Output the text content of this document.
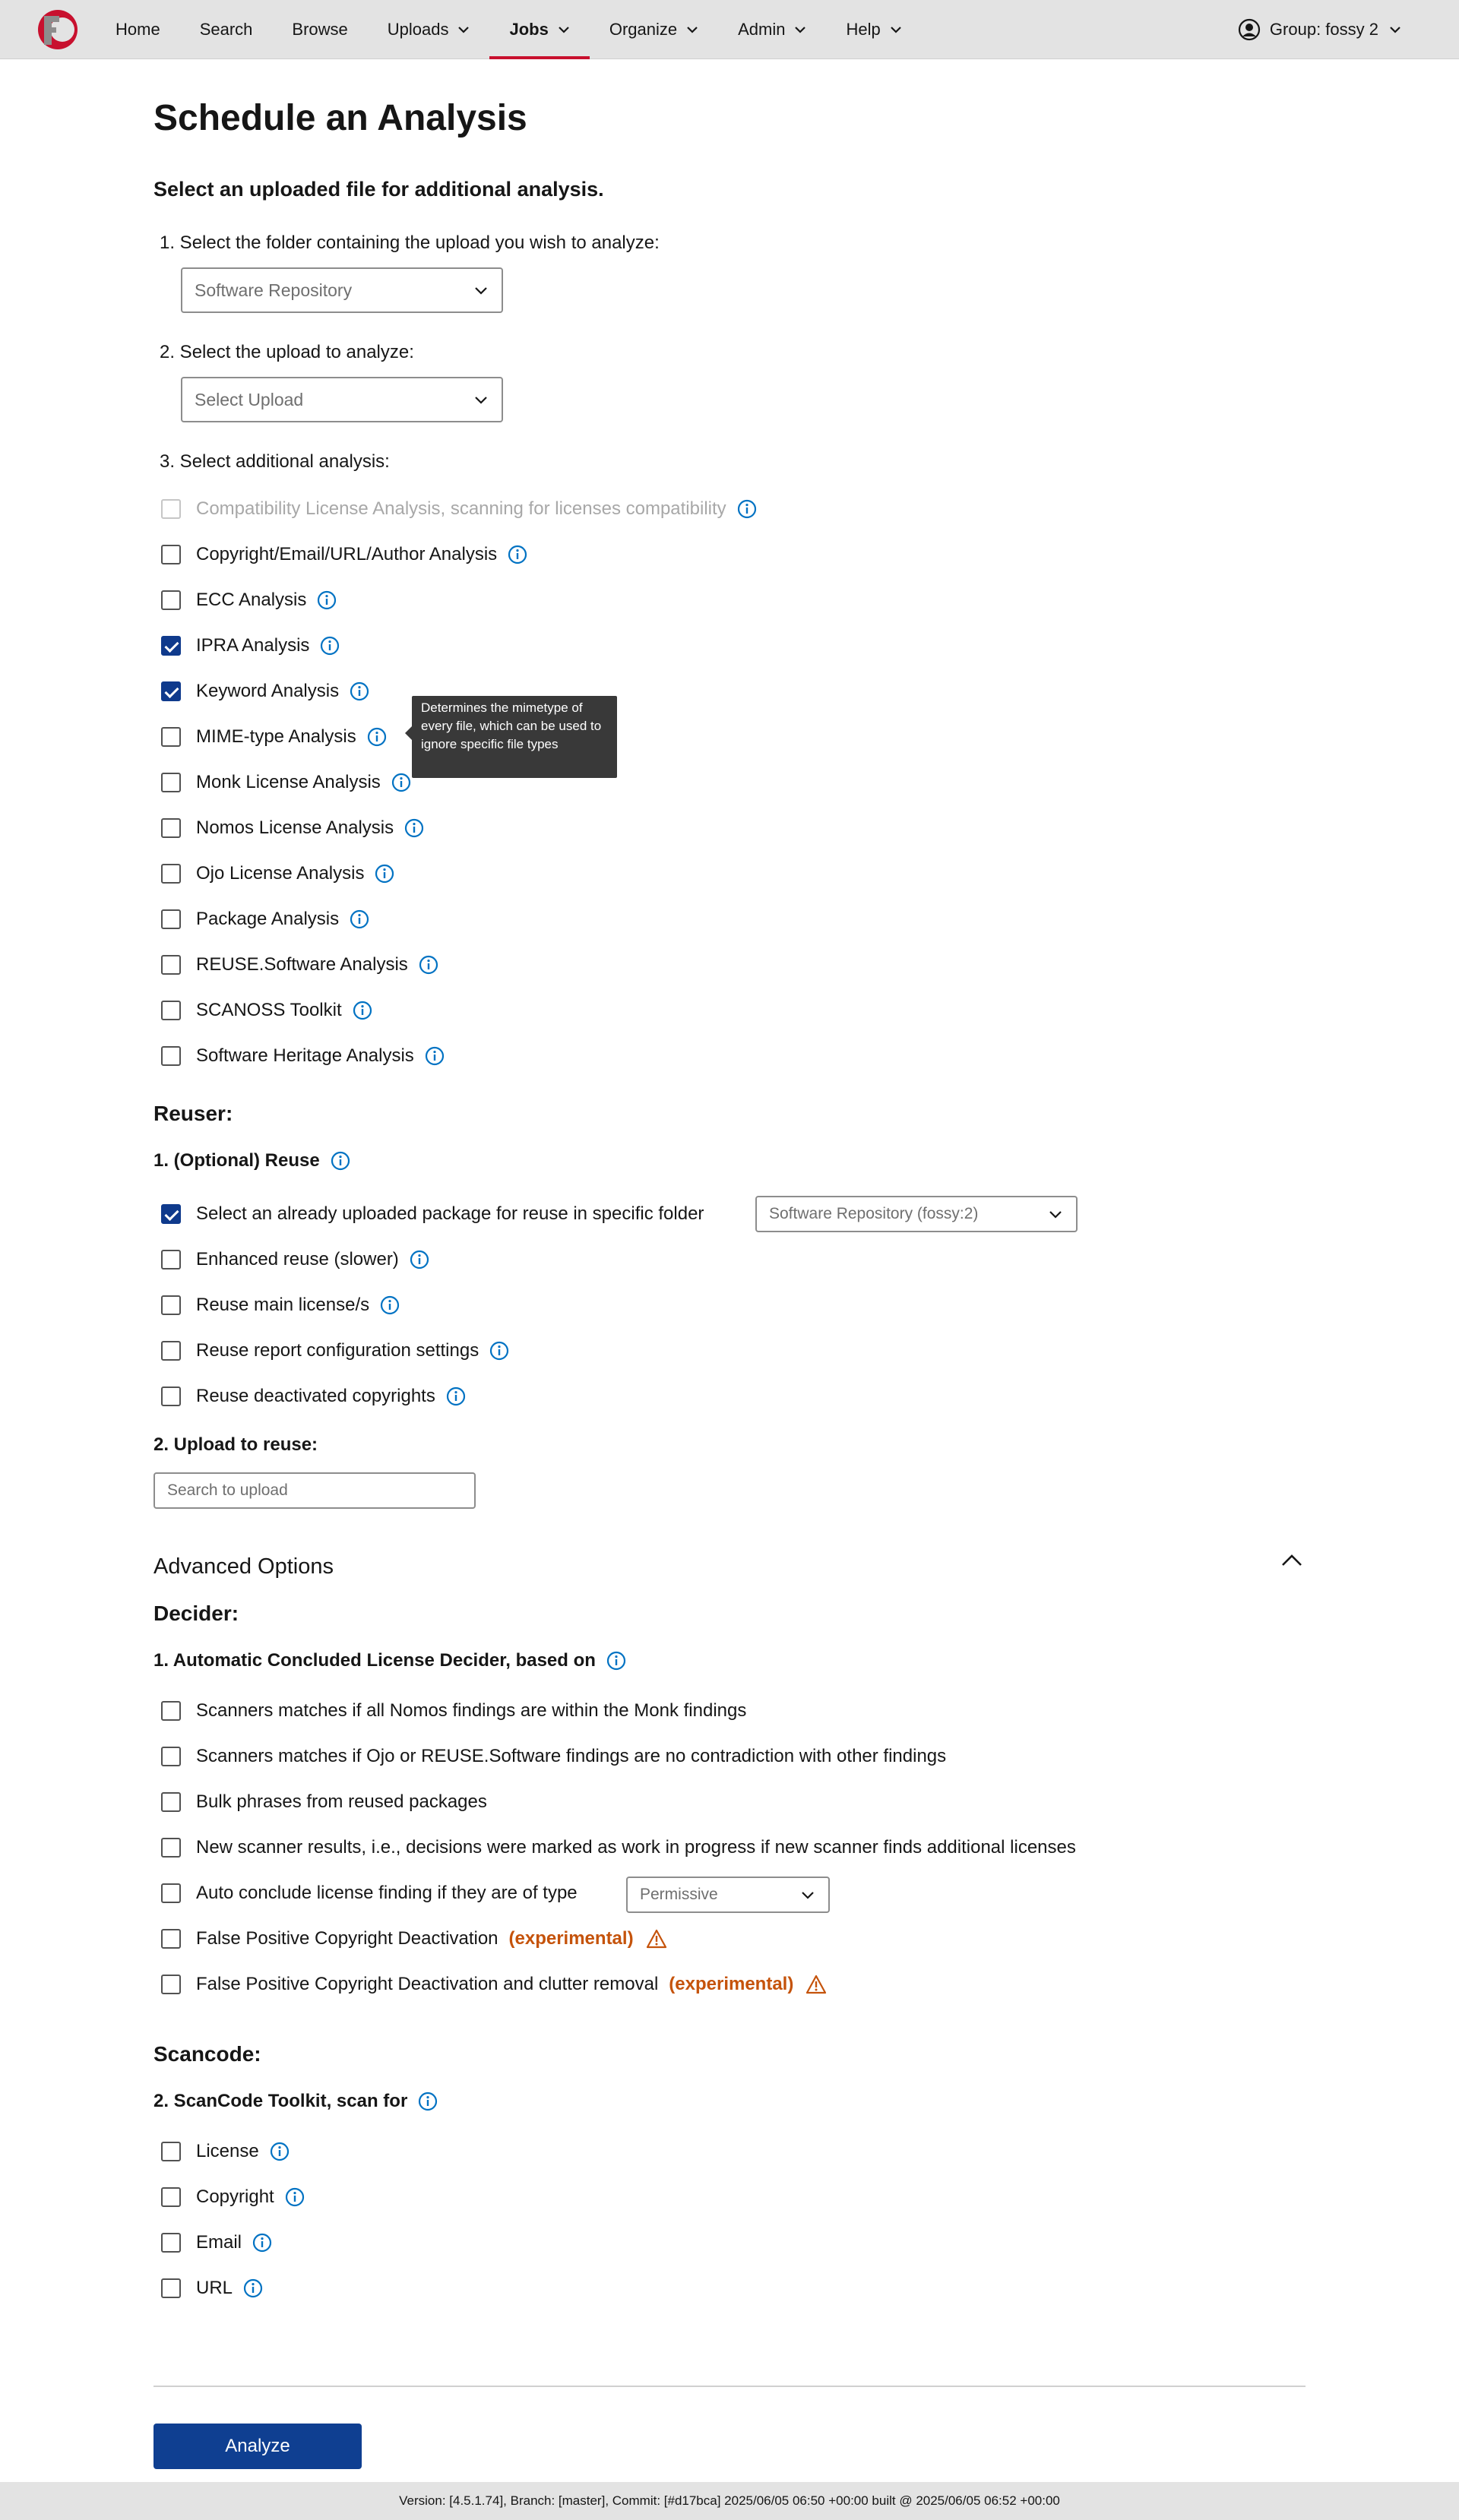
Home Search Browse Uploads	Jobs	Organize	Admin	Help	Group: fossy 2
Schedule an Analysis
Select an uploaded file for additional analysis.
1. Select the folder containing the upload you wish to analyze:
Software Repository
2. Select the upload to analyze:
Select Upload
3. Select additional analysis:
Compatibility License Analysis, scanning for licenses compatibility
Copyright/Email/URL/Author Analysis
ECC Analysis
IPRA Analysis
Keyword Analysis
MIME-type Analysis
Monk License Analysis
Nomos License Analysis
Ojo License Analysis
Package Analysis
REUSE.Software Analysis
SCANOSS Toolkit
Software Heritage Analysis
Determines the mimetype of every file, which can be used to ignore specific file types
Reuser:
1. (Optional) Reuse
Select an already uploaded package for reuse in specific folder
Enhanced reuse (slower)
Reuse main license/s
Reuse report configuration settings
Reuse deactivated copyrights
Software Repository (fossy:2)
2. Upload to reuse:
Search to upload
Advanced Options
Decider:
1. Automatic Concluded License Decider, based on
Scanners matches if all Nomos findings are within the Monk findings
Scanners matches if Ojo or REUSE.Software findings are no contradiction with other findings
Bulk phrases from reused packages
New scanner results, i.e., decisions were marked as work in progress if new scanner finds additional licenses
Auto conclude license finding if they are of type
False Positive Copyright Deactivation (experimental)
False Positive Copyright Deactivation and clutter removal (experimental)
Permissive
Scancode:
2. ScanCode Toolkit, scan for
License
Copyright
Email
URL
Analyze
Version: [4.5.1.74], Branch: [master], Commit: [#d17bca] 2025/06/05 06:50 +00:00 built @ 2025/06/05 06:52 +00:00
